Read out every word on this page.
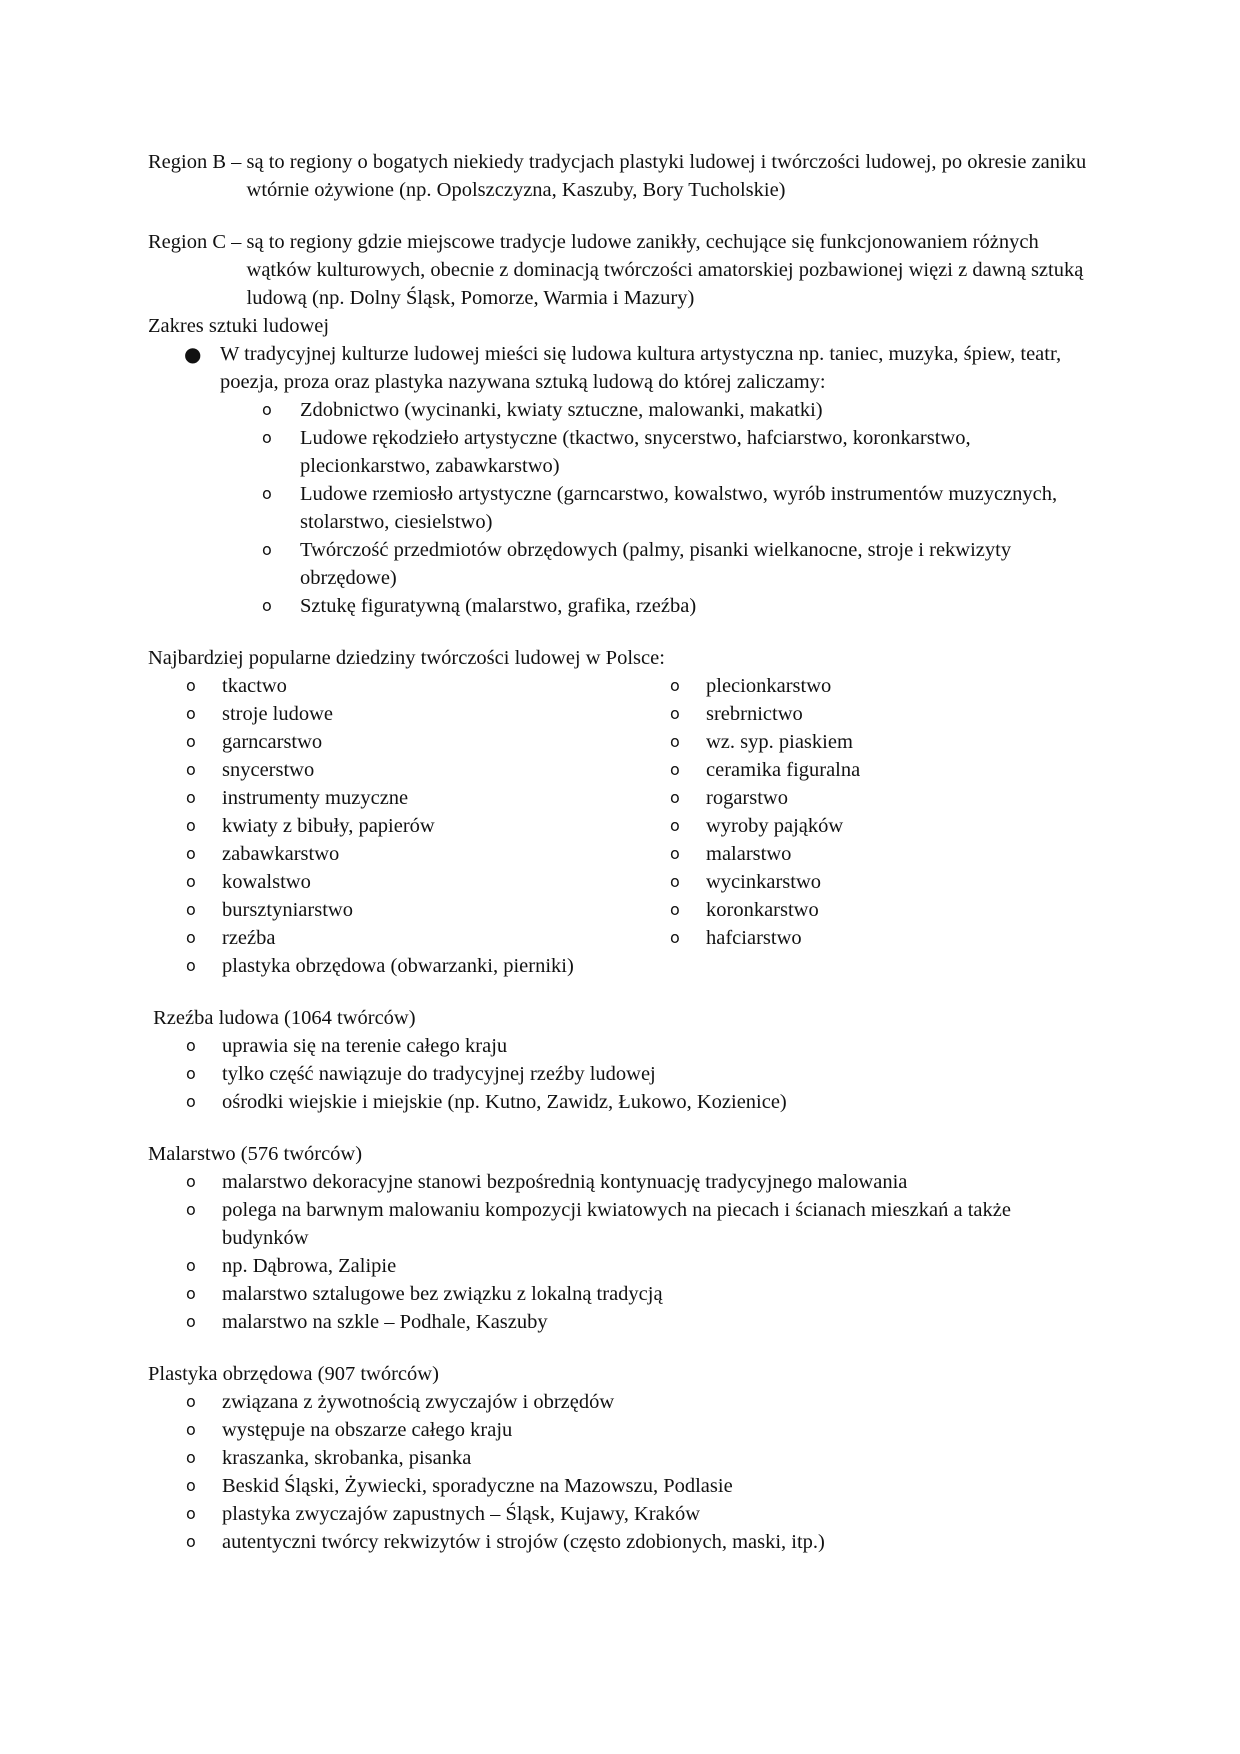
Region B – są to regiony o bogatych niekiedy tradycjach plastyki ludowej i twórczości ludowej, po okresie zaniku wtórnie ożywione (np. Opolszczyzna, Kaszuby, Bory Tucholskie)

Region C – są to regiony gdzie miejscowe tradycje ludowe zanikły, cechujące się funkcjonowaniem różnych wątków kulturowych, obecnie z dominacją twórczości amatorskiej pozbawionej więzi z dawną sztuką ludową (np. Dolny Śląsk, Pomorze, Warmia i Mazury)

Zakres sztuki ludowej

● W tradycyjnej kulturze ludowej mieści się ludowa kultura artystyczna np. taniec, muzyka, śpiew, teatr, poezja, proza oraz plastyka nazywana sztuką ludową do której zaliczamy:
o Zdobnictwo (wycinanki, kwiaty sztuczne, malowanki, makatki)
o Ludowe rękodzieło artystyczne (tkactwo, snycerstwo, hafciarstwo, koronkarstwo, plecionkarstwo, zabawkarstwo)
o Ludowe rzemiosło artystyczne (garncarstwo, kowalstwo, wyrób instrumentów muzycznych, stolarstwo, ciesielstwo)
o Twórczość przedmiotów obrzędowych (palmy, pisanki wielkanocne, stroje i rekwizyty obrzędowe)
o Sztukę figuratywną (malarstwo, grafika, rzeźba)

Najbardziej popularne dziedziny twórczości ludowej w Polsce:

o tkactwo
o stroje ludowe
o garncarstwo
o snycerstwo
o instrumenty muzyczne
o kwiaty z bibuły, papierów
o zabawkarstwo
o kowalstwo
o bursztyniarstwo
o rzeźba
o plastyka obrzędowa (obwarzanki, pierniki)
o plecionkarstwo
o srebrnictwo
o wz. syp. piaskiem
o ceramika figuralna
o rogarstwo
o wyroby pająków
o malarstwo
o wycinkarstwo
o koronkarstwo
o hafciarstwo

Rzeźba ludowa (1064 twórców)

o uprawia się na terenie całego kraju
o tylko część nawiązuje do tradycyjnej rzeźby ludowej
o ośrodki wiejskie i miejskie (np. Kutno, Zawidz, Łukowo, Kozienice)

Malarstwo (576 twórców)

o malarstwo dekoracyjne stanowi bezpośrednią kontynuację tradycyjnego malowania
o polega na barwnym malowaniu kompozycji kwiatowych na piecach i ścianach mieszkań a także budynków
o np. Dąbrowa, Zalipie
o malarstwo sztalugowe bez związku z lokalną tradycją
o malarstwo na szkle – Podhale, Kaszuby

Plastyka obrzędowa (907 twórców)

o związana z żywotnością zwyczajów i obrzędów
o występuje na obszarze całego kraju
o kraszanka, skrobanka, pisanka
o Beskid Śląski, Żywiecki, sporadyczne na Mazowszu, Podlasie
o plastyka zwyczajów zapustnych – Śląsk, Kujawy, Kraków
o autentyczni twórcy rekwizytów i strojów (często zdobionych, maski, itp.)
